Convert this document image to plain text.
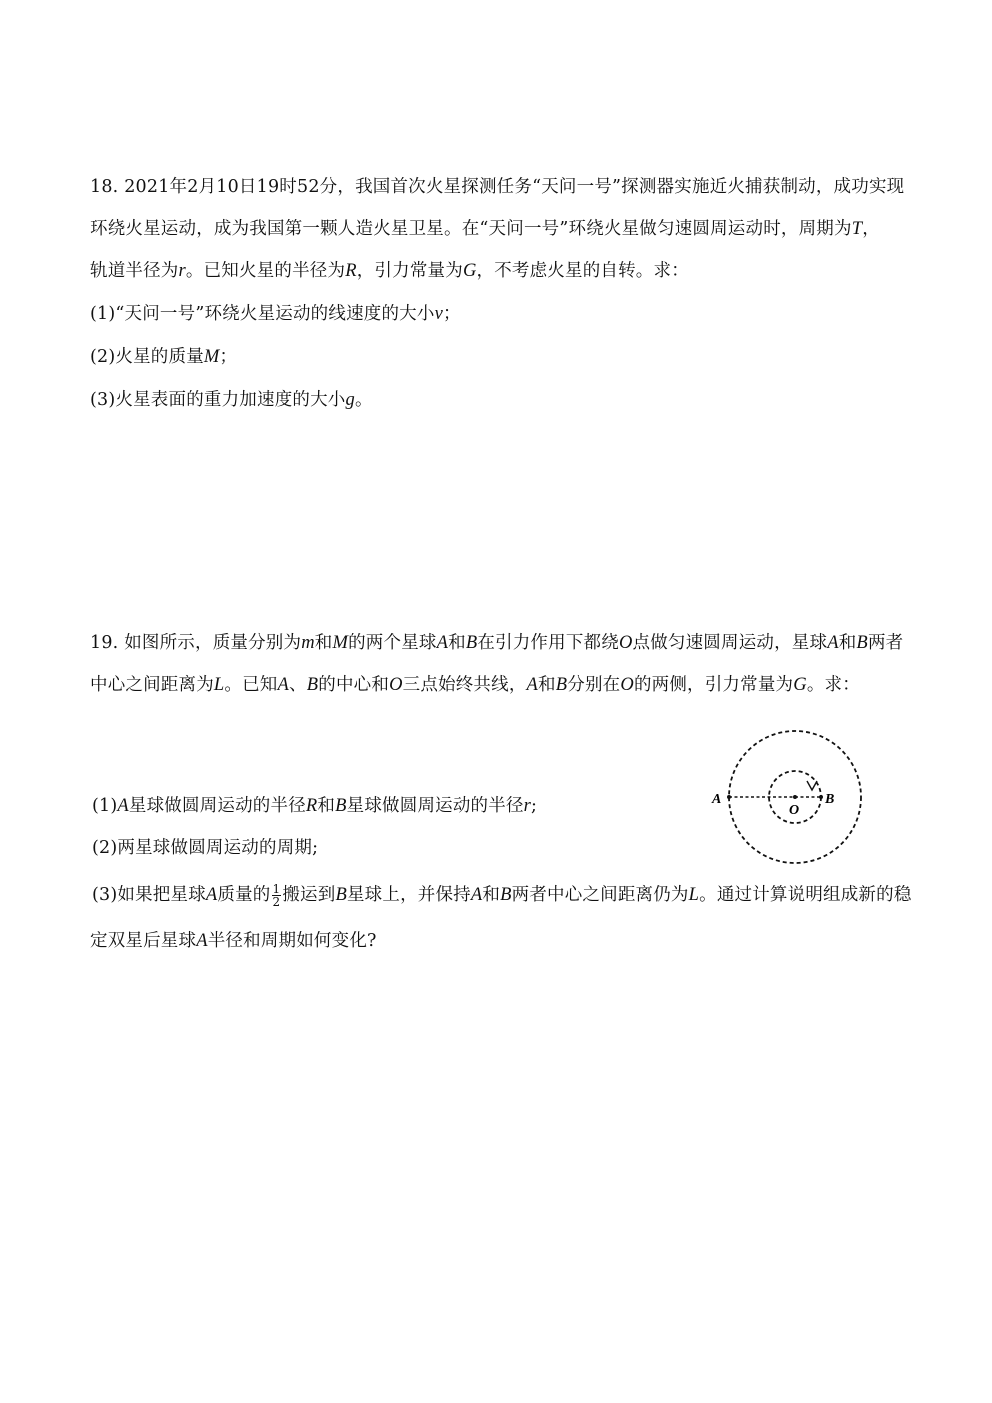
18. 2021年2月10日19时52分，我国首次火星探测任务“天问一号”探测器实施近火捕获制动，成功实现
环绕火星运动，成为我国第一颗人造火星卫星。在“天问一号”环绕火星做匀速圆周运动时，周期为T，
轨道半径为r。已知火星的半径为R，引力常量为G，不考虑火星的自转。求：
(1)“天问一号”环绕火星运动的线速度的大小v；
(2)火星的质量M；
(3)火星表面的重力加速度的大小g。
19. 如图所示，质量分别为m和M的两个星球A和B在引力作用下都绕O点做匀速圆周运动，星球A和B两者
中心之间距离为L。已知A、B的中心和O三点始终共线，A和B分别在O的两侧，引力常量为G。求：
(1)A星球做圆周运动的半径R和B星球做圆周运动的半径r;
(2)两星球做圆周运动的周期;
(3)如果把星球A质量的 $\frac{1}{2}$ 搬运到B星球上，并保持A和B两者中心之间距离仍为L。通过计算说明组成新的稳
定双星后星球A半径和周期如何变化?
A	B
O
